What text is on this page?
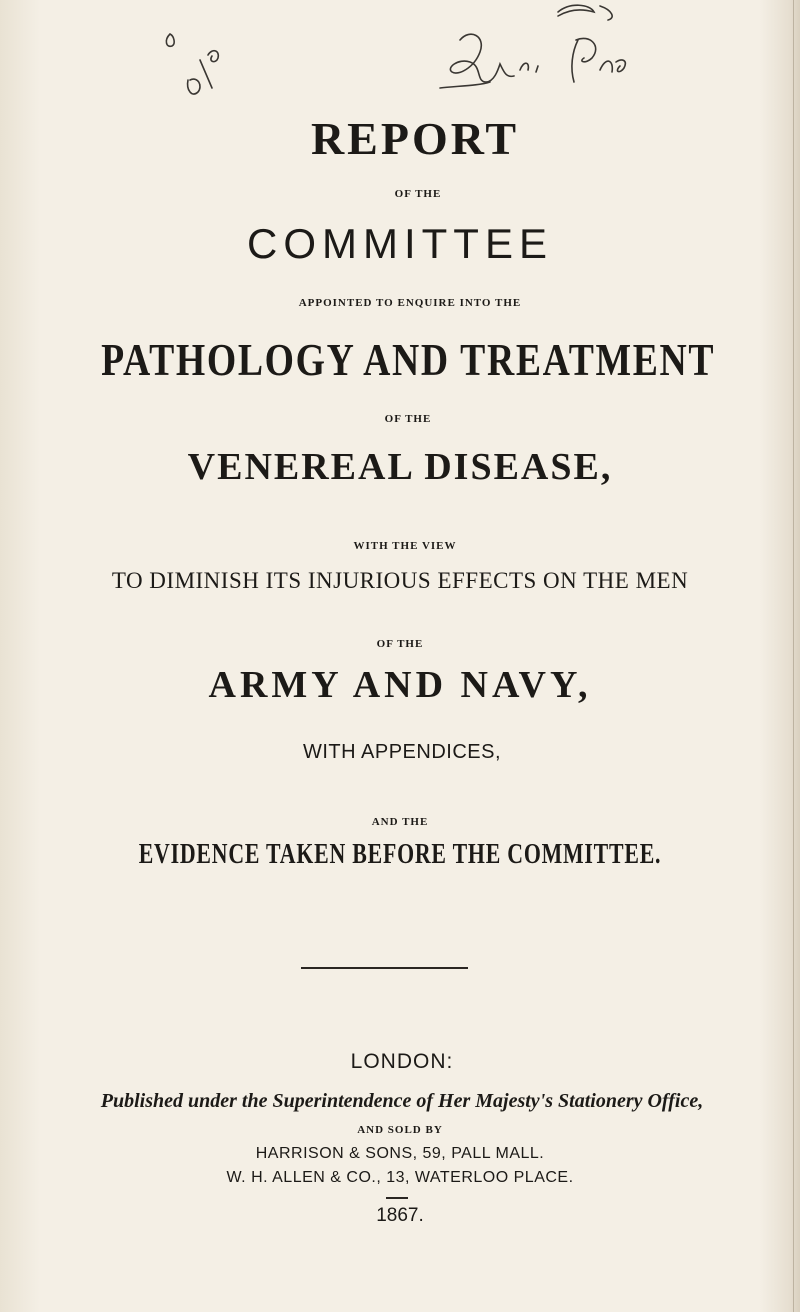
REPORT

OF THE

COMMITTEE

APPOINTED TO ENQUIRE INTO THE

PATHOLOGY AND TREATMENT

OF THE

VENEREAL DISEASE,

WITH THE VIEW

TO DIMINISH ITS INJURIOUS EFFECTS ON THE MEN

OF THE

ARMY AND NAVY,

WITH APPENDICES,

AND THE

EVIDENCE TAKEN BEFORE THE COMMITTEE.

LONDON:

Published under the Superintendence of Her Majesty's Stationery Office,

AND SOLD BY

HARRISON & SONS, 59, PALL MALL.

W. H. ALLEN & CO., 13, WATERLOO PLACE.

1867.
